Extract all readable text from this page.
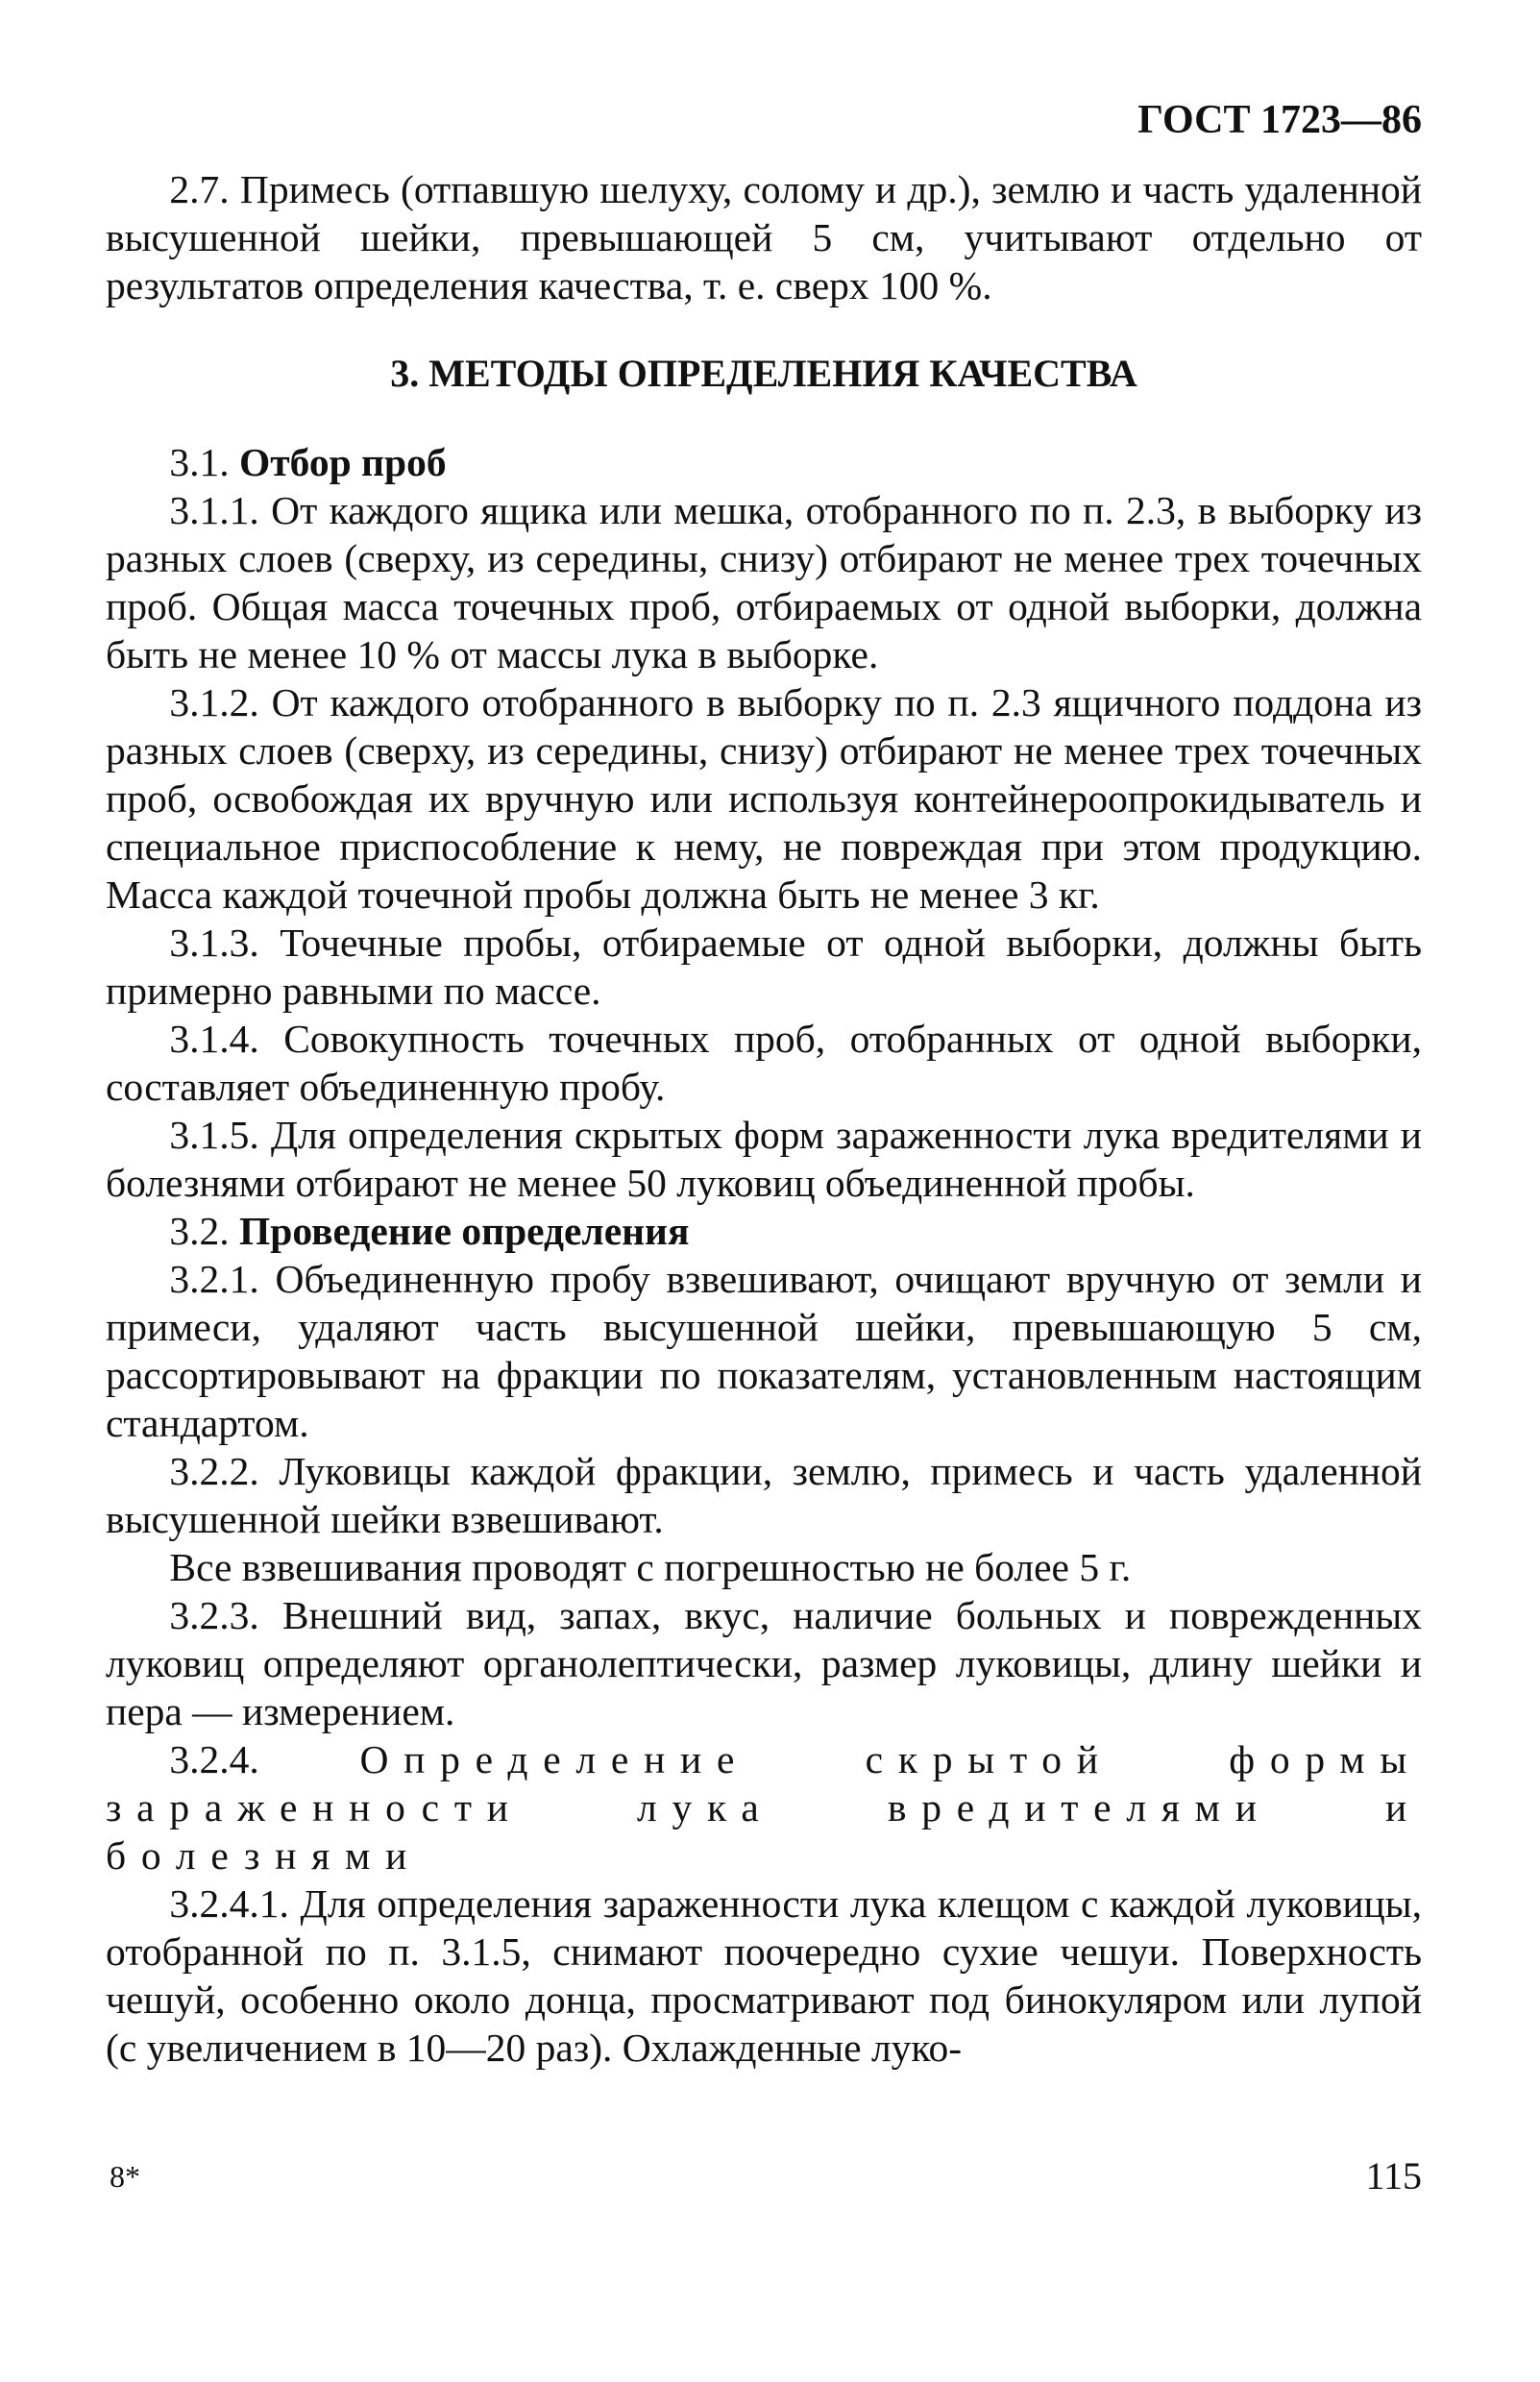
ГОСТ 1723—86

2.7. Примесь (отпавшую шелуху, солому и др.), землю и часть удаленной высушенной шейки, превышающей 5 см, учитывают отдельно от результатов определения качества, т. е. сверх 100 %.

3. МЕТОДЫ ОПРЕДЕЛЕНИЯ КАЧЕСТВА

3.1. Отбор проб

3.1.1. От каждого ящика или мешка, отобранного по п. 2.3, в выборку из разных слоев (сверху, из середины, снизу) отбирают не менее трех точечных проб. Общая масса точечных проб, отбираемых от одной выборки, должна быть не менее 10 % от массы лука в выборке.

3.1.2. От каждого отобранного в выборку по п. 2.3 ящичного поддона из разных слоев (сверху, из середины, снизу) отбирают не менее трех точечных проб, освобождая их вручную или используя контейнероопрокидыватель и специальное приспособление к нему, не повреждая при этом продукцию. Масса каждой точечной пробы должна быть не менее 3 кг.

3.1.3. Точечные пробы, отбираемые от одной выборки, должны быть примерно равными по массе.

3.1.4. Совокупность точечных проб, отобранных от одной выборки, составляет объединенную пробу.

3.1.5. Для определения скрытых форм зараженности лука вредителями и болезнями отбирают не менее 50 луковиц объединенной пробы.

3.2. Проведение определения

3.2.1. Объединенную пробу взвешивают, очищают вручную от земли и примеси, удаляют часть высушенной шейки, превышающую 5 см, рассортировывают на фракции по показателям, установленным настоящим стандартом.

3.2.2. Луковицы каждой фракции, землю, примесь и часть удаленной высушенной шейки взвешивают.

Все взвешивания проводят с погрешностью не более 5 г.

3.2.3. Внешний вид, запах, вкус, наличие больных и поврежденных луковиц определяют органолептически, размер луковицы, длину шейки и пера — измерением.

3.2.4.	Определение скрытой формы зараженности лука вредителями и болезнями

3.2.4.1. Для определения зараженности лука клещом с каждой луковицы, отобранной по п. 3.1.5, снимают поочередно сухие чешуи. Поверхность чешуй, особенно около донца, просматривают под бинокуляром или лупой (с увеличением в 10—20 раз). Охлажденные луко-

8*	115
